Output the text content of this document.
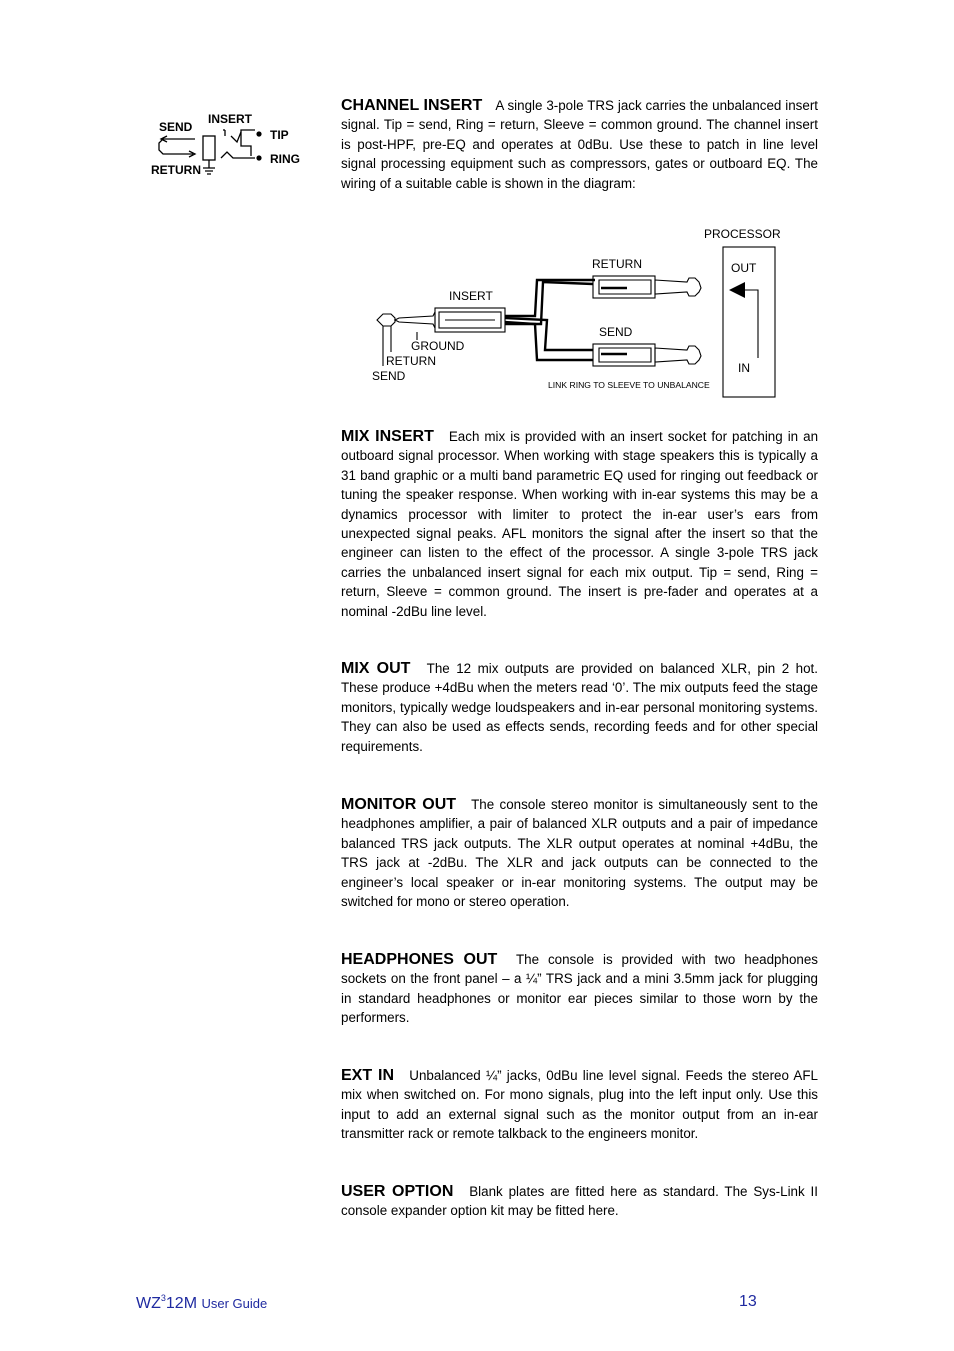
INSERT
SEND
RETURN
TIP
RING

CHANNEL INSERT A single 3-pole TRS jack carries the unbalanced insert signal. Tip = send, Ring = return, Sleeve = common ground. The channel insert is post-HPF, pre-EQ and operates at 0dBu. Use these to patch in line level signal processing equipment such as compressors, gates or outboard EQ. The wiring of a suitable cable is shown in the diagram:

PROCESSOR
OUT
IN
RETURN
SEND
INSERT
GROUND
RETURN
SEND
LINK RING TO SLEEVE TO UNBALANCE

MIX INSERT Each mix is provided with an insert socket for patching in an outboard signal processor. When working with stage speakers this is typically a 31 band graphic or a multi band parametric EQ used for ringing out feedback or tuning the speaker response. When working with in-ear systems this may be a dynamics processor with limiter to protect the in-ear user’s ears from unexpected signal peaks. AFL monitors the signal after the insert so that the engineer can listen to the effect of the processor. A single 3-pole TRS jack carries the unbalanced insert signal for each mix output. Tip = send, Ring = return, Sleeve = common ground. The insert is pre-fader and operates at a nominal -2dBu line level.

MIX OUT The 12 mix outputs are provided on balanced XLR, pin 2 hot. These produce +4dBu when the meters read ‘0’. The mix outputs feed the stage monitors, typically wedge loudspeakers and in-ear personal monitoring systems. They can also be used as effects sends, recording feeds and for other special requirements.

MONITOR OUT The console stereo monitor is simultaneously sent to the headphones amplifier, a pair of balanced XLR outputs and a pair of impedance balanced TRS jack outputs. The XLR output operates at nominal +4dBu, the TRS jack at -2dBu. The XLR and jack outputs can be connected to the engineer’s local speaker or in-ear monitoring systems. The output may be switched for mono or stereo operation.

HEADPHONES OUT The console is provided with two headphones sockets on the front panel – a ¼” TRS jack and a mini 3.5mm jack for plugging in standard headphones or monitor ear pieces similar to those worn by the performers.

EXT IN Unbalanced ¼” jacks, 0dBu line level signal. Feeds the stereo AFL mix when switched on. For mono signals, plug into the left input only. Use this input to add an external signal such as the monitor output from an in-ear transmitter rack or remote talkback to the engineers monitor.

USER OPTION Blank plates are fitted here as standard. The Sys-Link II console expander option kit may be fitted here.

$WZ^312M$ User Guide	13
